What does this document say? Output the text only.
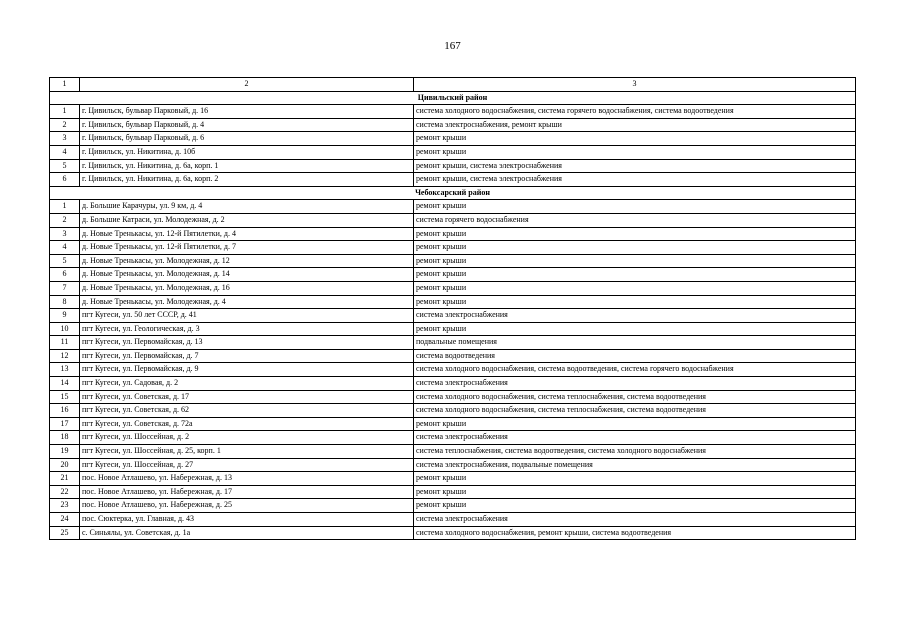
167
1	2	3
Цивильский район		
1	г. Цивильск, бульвар Парковый, д. 16	система холодного водоснабжения, система горячего водоснабжения, система водоотведения
2	г. Цивильск, бульвар Парковый, д. 4	система электроснабжения, ремонт крыши
3	г. Цивильск, бульвар Парковый, д. 6	ремонт крыши
4	г. Цивильск, ул. Никитина, д. 10б	ремонт крыши
5	г. Цивильск, ул. Никитина, д. 6а, корп. 1	ремонт крыши, система электроснабжения
6	г. Цивильск, ул. Никитина, д. 6а, корп. 2	ремонт крыши, система электроснабжения
Чебоксарский район		
1	д. Большие Карачуры, ул. 9 км, д. 4	ремонт крыши
2	д. Большие Катраси, ул. Молодежная, д. 2	система горячего водоснабжения
3	д. Новые Тренькасы, ул. 12-й Пятилетки, д. 4	ремонт крыши
4	д. Новые Тренькасы, ул. 12-й Пятилетки, д. 7	ремонт крыши
5	д. Новые Тренькасы, ул. Молодежная, д. 12	ремонт крыши
6	д. Новые Тренькасы, ул. Молодежная, д. 14	ремонт крыши
7	д. Новые Тренькасы, ул. Молодежная, д. 16	ремонт крыши
8	д. Новые Тренькасы, ул. Молодежная, д. 4	ремонт крыши
9	пгт Кугеси, ул. 50 лет СССР, д. 41	система электроснабжения
10	пгт Кугеси, ул. Геологическая, д. 3	ремонт крыши
11	пгт Кугеси, ул. Первомайская, д. 13	подвальные помещения
12	пгт Кугеси, ул. Первомайская, д. 7	система водоотведения
13	пгт Кугеси, ул. Первомайская, д. 9	система холодного водоснабжения, система водоотведения, система горячего водоснабжения
14	пгт Кугеси, ул. Садовая, д. 2	система электроснабжения
15	пгт Кугеси, ул. Советская, д. 17	система холодного водоснабжения, система теплоснабжения, система водоотведения
16	пгт Кугеси, ул. Советская, д. 62	система холодного водоснабжения, система теплоснабжения, система водоотведения
17	пгт Кугеси, ул. Советская, д. 72а	ремонт крыши
18	пгт Кугеси, ул. Шоссейная, д. 2	система электроснабжения
19	пгт Кугеси, ул. Шоссейная, д. 25, корп. 1	система теплоснабжения, система водоотведения, система холодного водоснабжения
20	пгт Кугеси, ул. Шоссейная, д. 27	система электроснабжения, подвальные помещения
21	пос. Новое Атлашево, ул. Набережная, д. 13	ремонт крыши
22	пос. Новое Атлашево, ул. Набережная, д. 17	ремонт крыши
23	пос. Новое Атлашево, ул. Набережная, д. 25	ремонт крыши
24	пос. Сюктерка, ул. Главная, д. 43	система электроснабжения
25	с. Синьялы, ул. Советская, д. 1а	система холодного водоснабжения, ремонт крыши, система водоотведения
